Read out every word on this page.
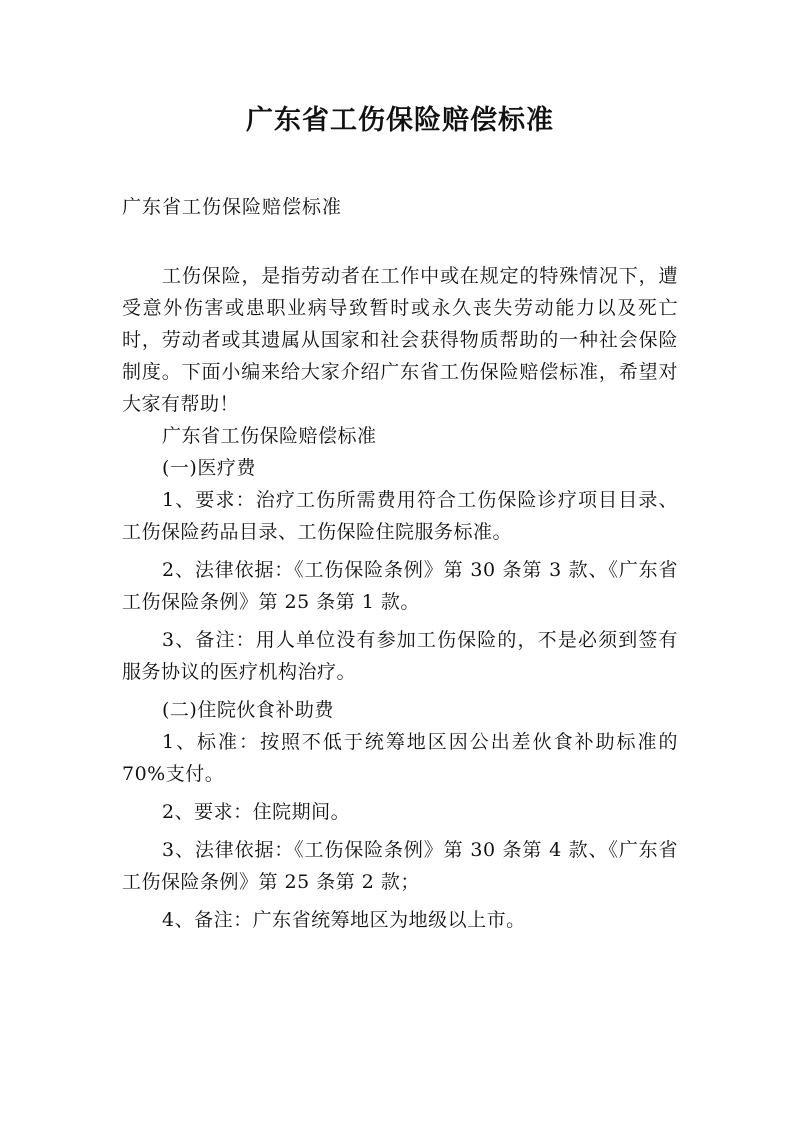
广东省工伤保险赔偿标准

广东省工伤保险赔偿标准

工伤保险，是指劳动者在工作中或在规定的特殊情况下，遭受意外伤害或患职业病导致暂时或永久丧失劳动能力以及死亡时，劳动者或其遗属从国家和社会获得物质帮助的一种社会保险制度。下面小编来给大家介绍广东省工伤保险赔偿标准，希望对大家有帮助！

广东省工伤保险赔偿标准

(一)医疗费

1、要求：治疗工伤所需费用符合工伤保险诊疗项目目录、工伤保险药品目录、工伤保险住院服务标准。

2、法律依据：《工伤保险条例》第 30 条第 3 款、《广东省工伤保险条例》第 25 条第 1 款。

3、备注：用人单位没有参加工伤保险的，不是必须到签有服务协议的医疗机构治疗。

(二)住院伙食补助费

1、标准：按照不低于统筹地区因公出差伙食补助标准的 70%支付。

2、要求：住院期间。

3、法律依据：《工伤保险条例》第 30 条第 4 款、《广东省工伤保险条例》第 25 条第 2 款；

4、备注：广东省统筹地区为地级以上市。
